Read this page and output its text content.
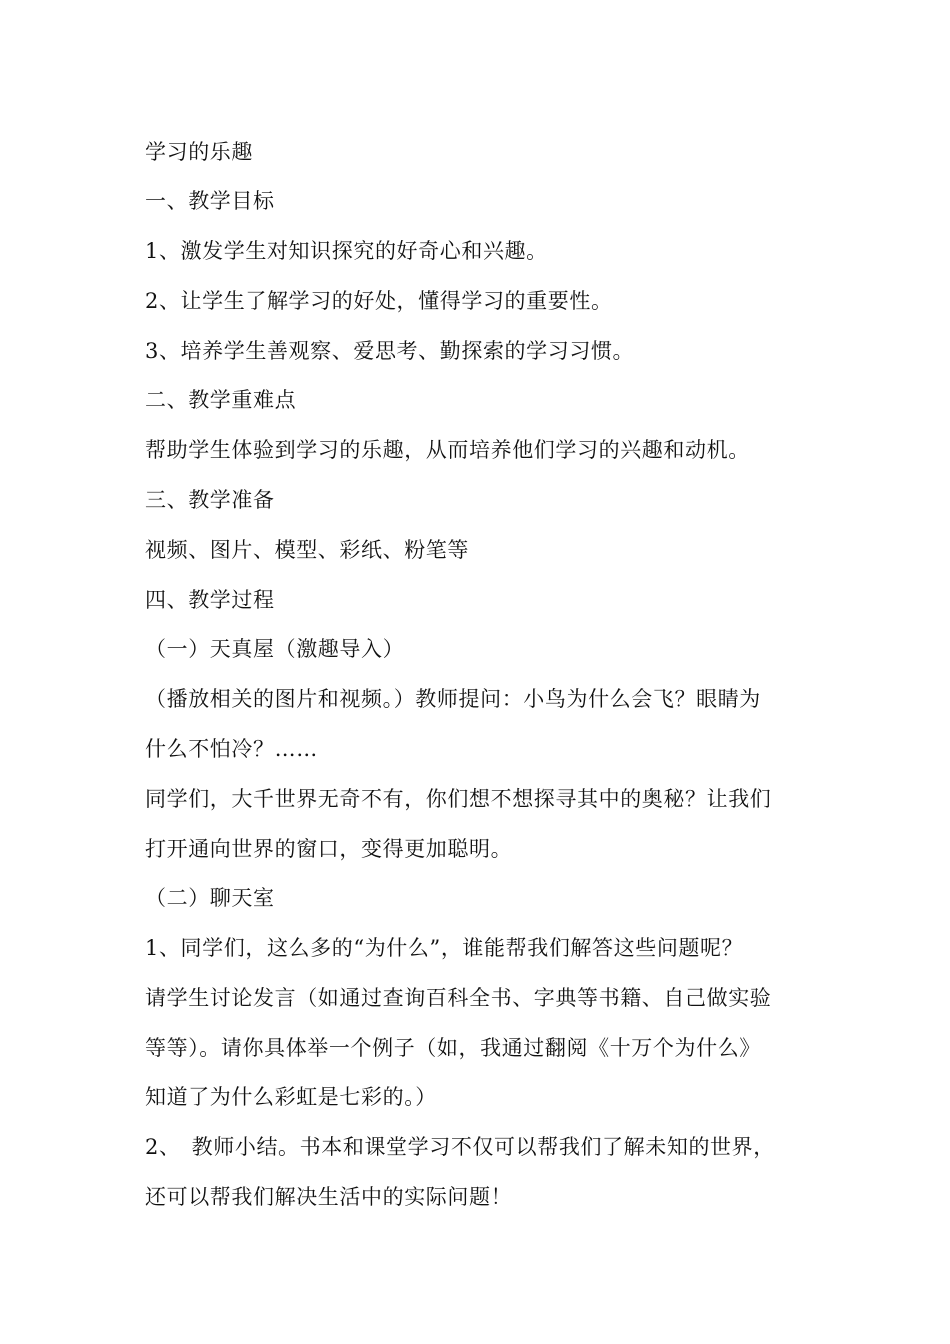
学习的乐趣
一、教学目标
1、激发学生对知识探究的好奇心和兴趣。
2、让学生了解学习的好处，懂得学习的重要性。
3、培养学生善观察、爱思考、勤探索的学习习惯。
二、教学重难点
帮助学生体验到学习的乐趣，从而培养他们学习的兴趣和动机。
三、教学准备
视频、图片、模型、彩纸、粉笔等
四、教学过程
（一）天真屋（激趣导入）
（播放相关的图片和视频。）教师提问：小鸟为什么会飞？眼睛为
什么不怕冷？……
同学们，大千世界无奇不有，你们想不想探寻其中的奥秘？让我们
打开通向世界的窗口，变得更加聪明。
（二）聊天室
1、同学们，这么多的“为什么”，谁能帮我们解答这些问题呢？
请学生讨论发言（如通过查询百科全书、字典等书籍、自己做实验
等等）。请你具体举一个例子（如，我通过翻阅《十万个为什么》
知道了为什么彩虹是七彩的。）
2、　教师小结。书本和课堂学习不仅可以帮我们了解未知的世界，
还可以帮我们解决生活中的实际问题！
